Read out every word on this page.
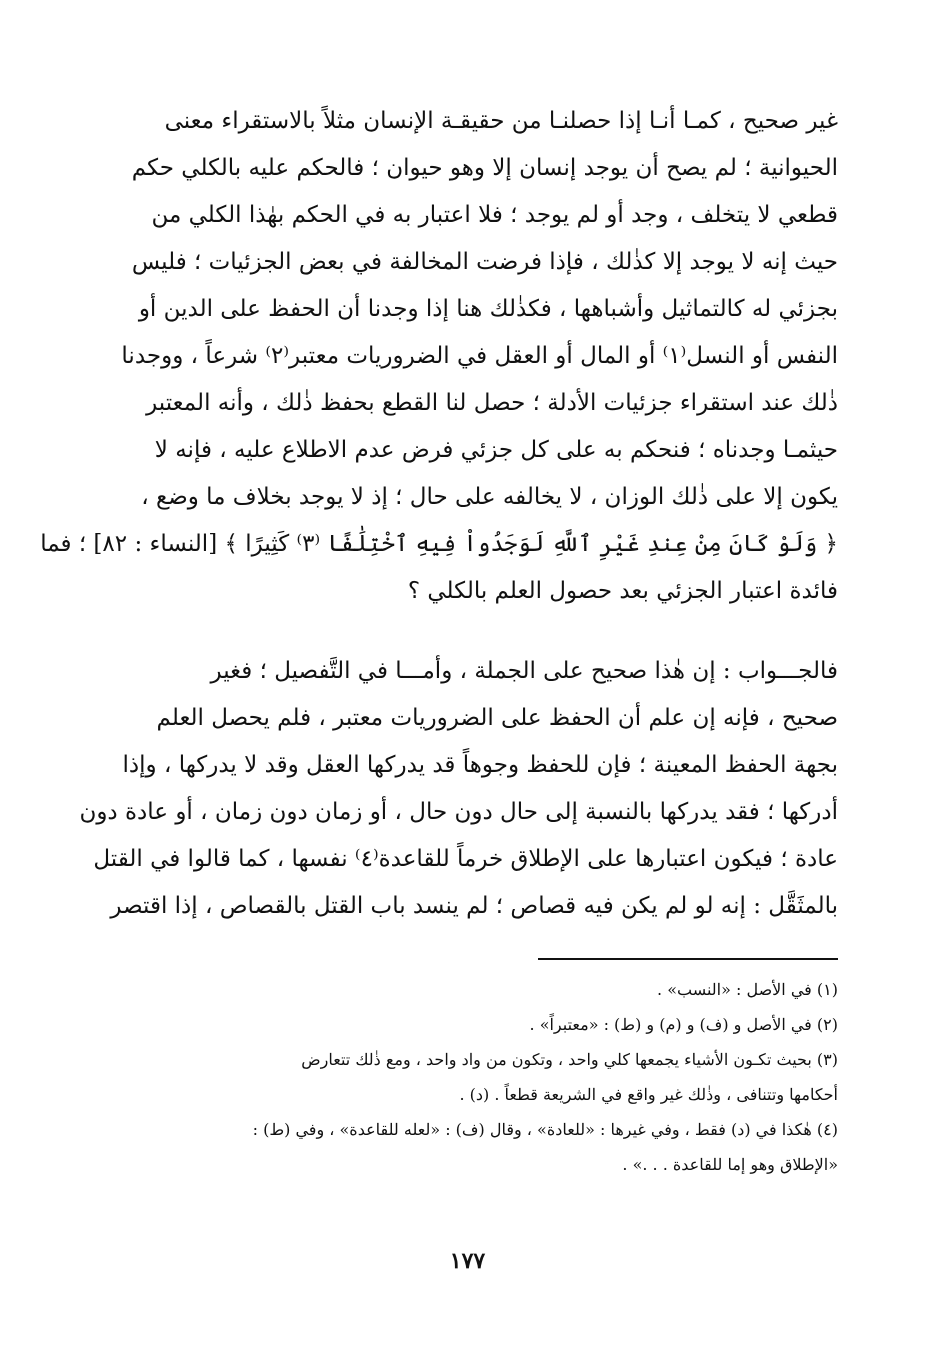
غير صحيح ، كمـا أنـا إذا حصلنـا من حقيقـة الإنسان مثلاً بالاستقراء معنى
الحيوانية ؛ لم يصح أن يوجد إنسان إلا وهو حيوان ؛ فالحكم عليه بالكلي حكم
قطعي لا يتخلف ، وجد أو لم يوجد ؛ فلا اعتبار به في الحكم بهٰذا الكلي من
حيث إنه لا يوجد إلا كذٰلك ، فإذا فرضت المخالفة في بعض الجزئيات ؛ فليس
بجزئي له كالتماثيل وأشباهها ، فكذٰلك هنا إذا وجدنا أن الحفظ على الدين أو
النفس أو النسل⁽١⁾ أو المال أو العقل في الضروريات معتبر⁽٢⁾ شرعاً ، ووجدنا
ذٰلك عند استقراء جزئيات الأدلة ؛ حصل لنا القطع بحفظ ذٰلك ، وأنه المعتبر
حيثمـا وجدناه ؛ فنحكم به على كل جزئي فرض عدم الاطلاع عليه ، فإنه لا
يكون إلا على ذٰلك الوزان ، لا يخالفه على حال ؛ إذ لا يوجد بخلاف ما وضع ،
﴿ وَلَوْ كَانَ مِنْ عِندِ غَيْرِ ٱللَّهِ لَوَجَدُواْ فِيهِ ٱخْتِلَٰفًا ⁽٣⁾ كَثِيرًا ﴾ [النساء : ٨٢] ؛ فما
فائدة اعتبار الجزئي بعد حصول العلم بالكلي ؟
فالجـــواب : إن هٰذا صحيح على الجملة ، وأمـــا في التَّفصيل ؛ فغير
صحيح ، فإنه إن علم أن الحفظ على الضروريات معتبر ، فلم يحصل العلم
بجهة الحفظ المعينة ؛ فإن للحفظ وجوهاً قد يدركها العقل وقد لا يدركها ، وإذا
أدركها ؛ فقد يدركها بالنسبة إلى حال دون حال ، أو زمان دون زمان ، أو عادة دون
عادة ؛ فيكون اعتبارها على الإطلاق خرماً للقاعدة⁽٤⁾ نفسها ، كما قالوا في القتل
بالمثَقَّل : إنه لو لم يكن فيه قصاص ؛ لم ينسد باب القتل بالقصاص ، إذا اقتصر
(١) في الأصل : «النسب» .
(٢) في الأصل و (ف) و (م) و (ط) : «معتبراً» .
(٣) بحيث تكـون الأشياء يجمعها كلي واحد ، وتكون من واد واحد ، ومع ذٰلك تتعارض
أحكامها وتتنافى ، وذٰلك غير واقع في الشريعة قطعاً . (د) .
(٤) هٰكذا في (د) فقط ، وفي غيرها : «للعادة» ، وقال (ف) : «لعله للقاعدة» ، وفي (ط) :
«الإطلاق وهو إما للقاعدة . . .» .
١٧٧
